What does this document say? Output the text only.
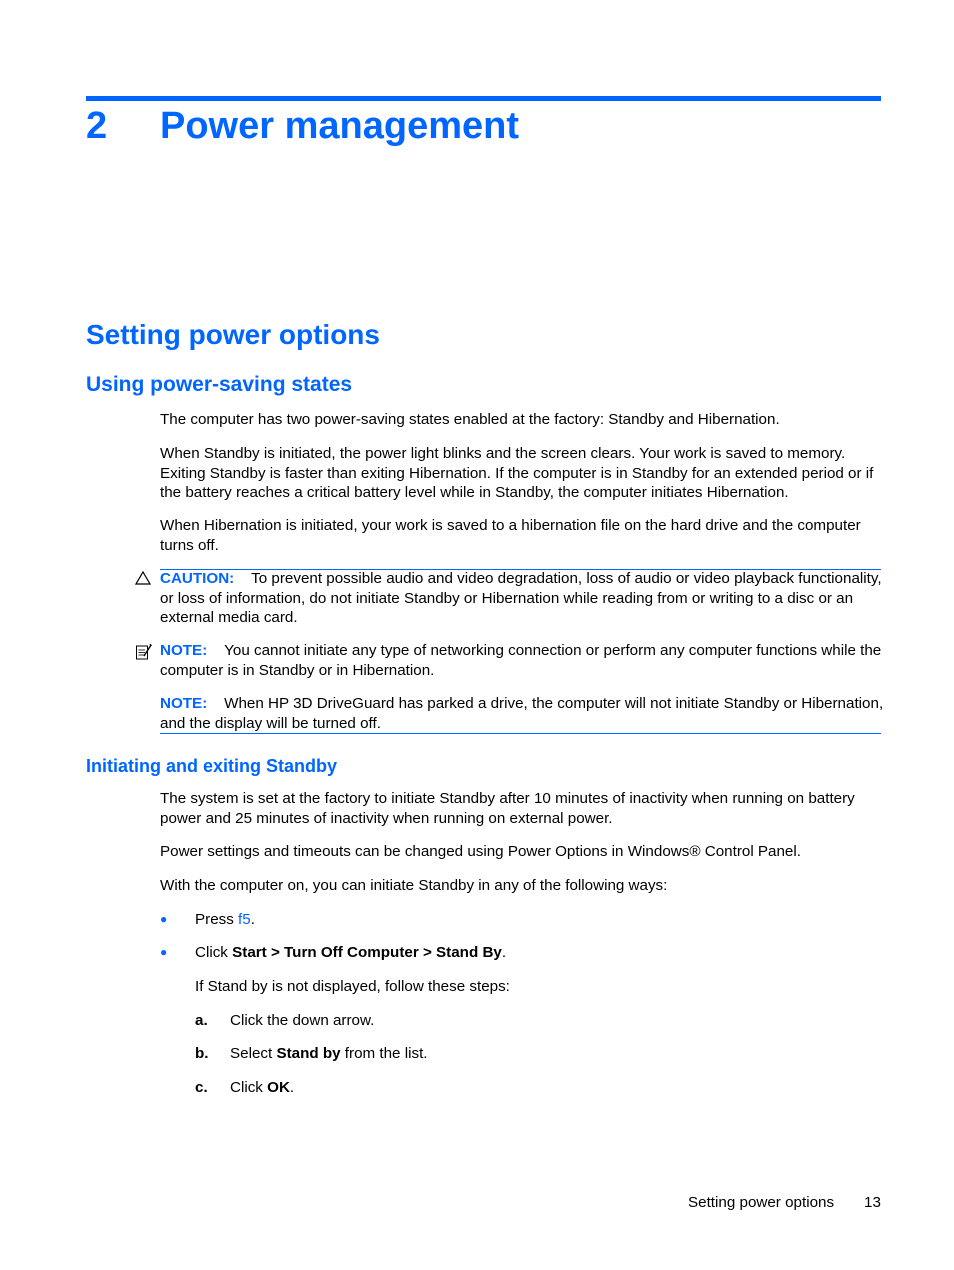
2 Power management
Setting power options
Using power-saving states

The computer has two power-saving states enabled at the factory: Standby and Hibernation.

When Standby is initiated, the power light blinks and the screen clears. Your work is saved to memory. Exiting Standby is faster than exiting Hibernation. If the computer is in Standby for an extended period or if the battery reaches a critical battery level while in Standby, the computer initiates Hibernation.

When Hibernation is initiated, your work is saved to a hibernation file on the hard drive and the computer turns off.

CAUTION: To prevent possible audio and video degradation, loss of audio or video playback functionality, or loss of information, do not initiate Standby or Hibernation while reading from or writing to a disc or an external media card.

NOTE: You cannot initiate any type of networking connection or perform any computer functions while the computer is in Standby or in Hibernation.

NOTE: When HP 3D DriveGuard has parked a drive, the computer will not initiate Standby or Hibernation, and the display will be turned off.

Initiating and exiting Standby

The system is set at the factory to initiate Standby after 10 minutes of inactivity when running on battery power and 25 minutes of inactivity when running on external power.

Power settings and timeouts can be changed using Power Options in Windows® Control Panel.

With the computer on, you can initiate Standby in any of the following ways:

● Press f5.
● Click Start > Turn Off Computer > Stand By.
If Stand by is not displayed, follow these steps:
a. Click the down arrow.
b. Select Stand by from the list.
c. Click OK.
Setting power options 13
